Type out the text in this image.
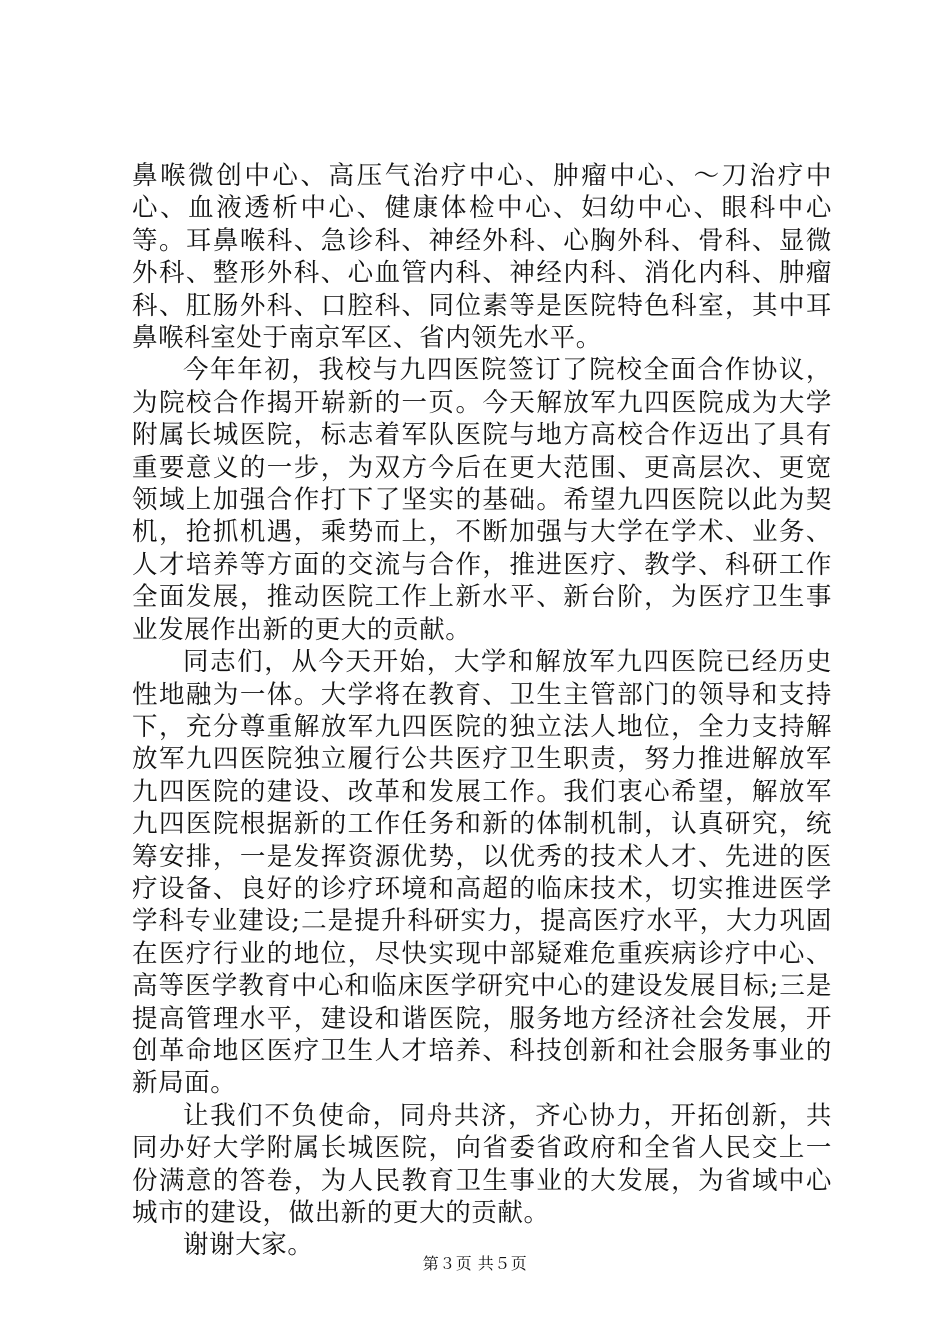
鼻喉微创中心、高压气治疗中心、肿瘤中心、～刀治疗中心、血液透析中心、健康体检中心、妇幼中心、眼科中心等。耳鼻喉科、急诊科、神经外科、心胸外科、骨科、显微外科、整形外科、心血管内科、神经内科、消化内科、肿瘤科、肛肠外科、口腔科、同位素等是医院特色科室，其中耳鼻喉科室处于南京军区、省内领先水平。

今年年初，我校与九四医院签订了院校全面合作协议，为院校合作揭开崭新的一页。今天解放军九四医院成为大学附属长城医院，标志着军队医院与地方高校合作迈出了具有重要意义的一步，为双方今后在更大范围、更高层次、更宽领域上加强合作打下了坚实的基础。希望九四医院以此为契机，抢抓机遇，乘势而上，不断加强与大学在学术、业务、人才培养等方面的交流与合作，推进医疗、教学、科研工作全面发展，推动医院工作上新水平、新台阶，为医疗卫生事业发展作出新的更大的贡献。

同志们，从今天开始，大学和解放军九四医院已经历史性地融为一体。大学将在教育、卫生主管部门的领导和支持下，充分尊重解放军九四医院的独立法人地位，全力支持解放军九四医院独立履行公共医疗卫生职责，努力推进解放军九四医院的建设、改革和发展工作。我们衷心希望，解放军九四医院根据新的工作任务和新的体制机制，认真研究，统筹安排，一是发挥资源优势，以优秀的技术人才、先进的医疗设备、良好的诊疗环境和高超的临床技术，切实推进医学学科专业建设;二是提升科研实力，提高医疗水平，大力巩固在医疗行业的地位，尽快实现中部疑难危重疾病诊疗中心、高等医学教育中心和临床医学研究中心的建设发展目标;三是提高管理水平，建设和谐医院，服务地方经济社会发展，开创革命地区医疗卫生人才培养、科技创新和社会服务事业的新局面。

让我们不负使命，同舟共济，齐心协力，开拓创新，共同办好大学附属长城医院，向省委省政府和全省人民交上一份满意的答卷，为人民教育卫生事业的大发展，为省域中心城市的建设，做出新的更大的贡献。

谢谢大家。

第３页 共５页
